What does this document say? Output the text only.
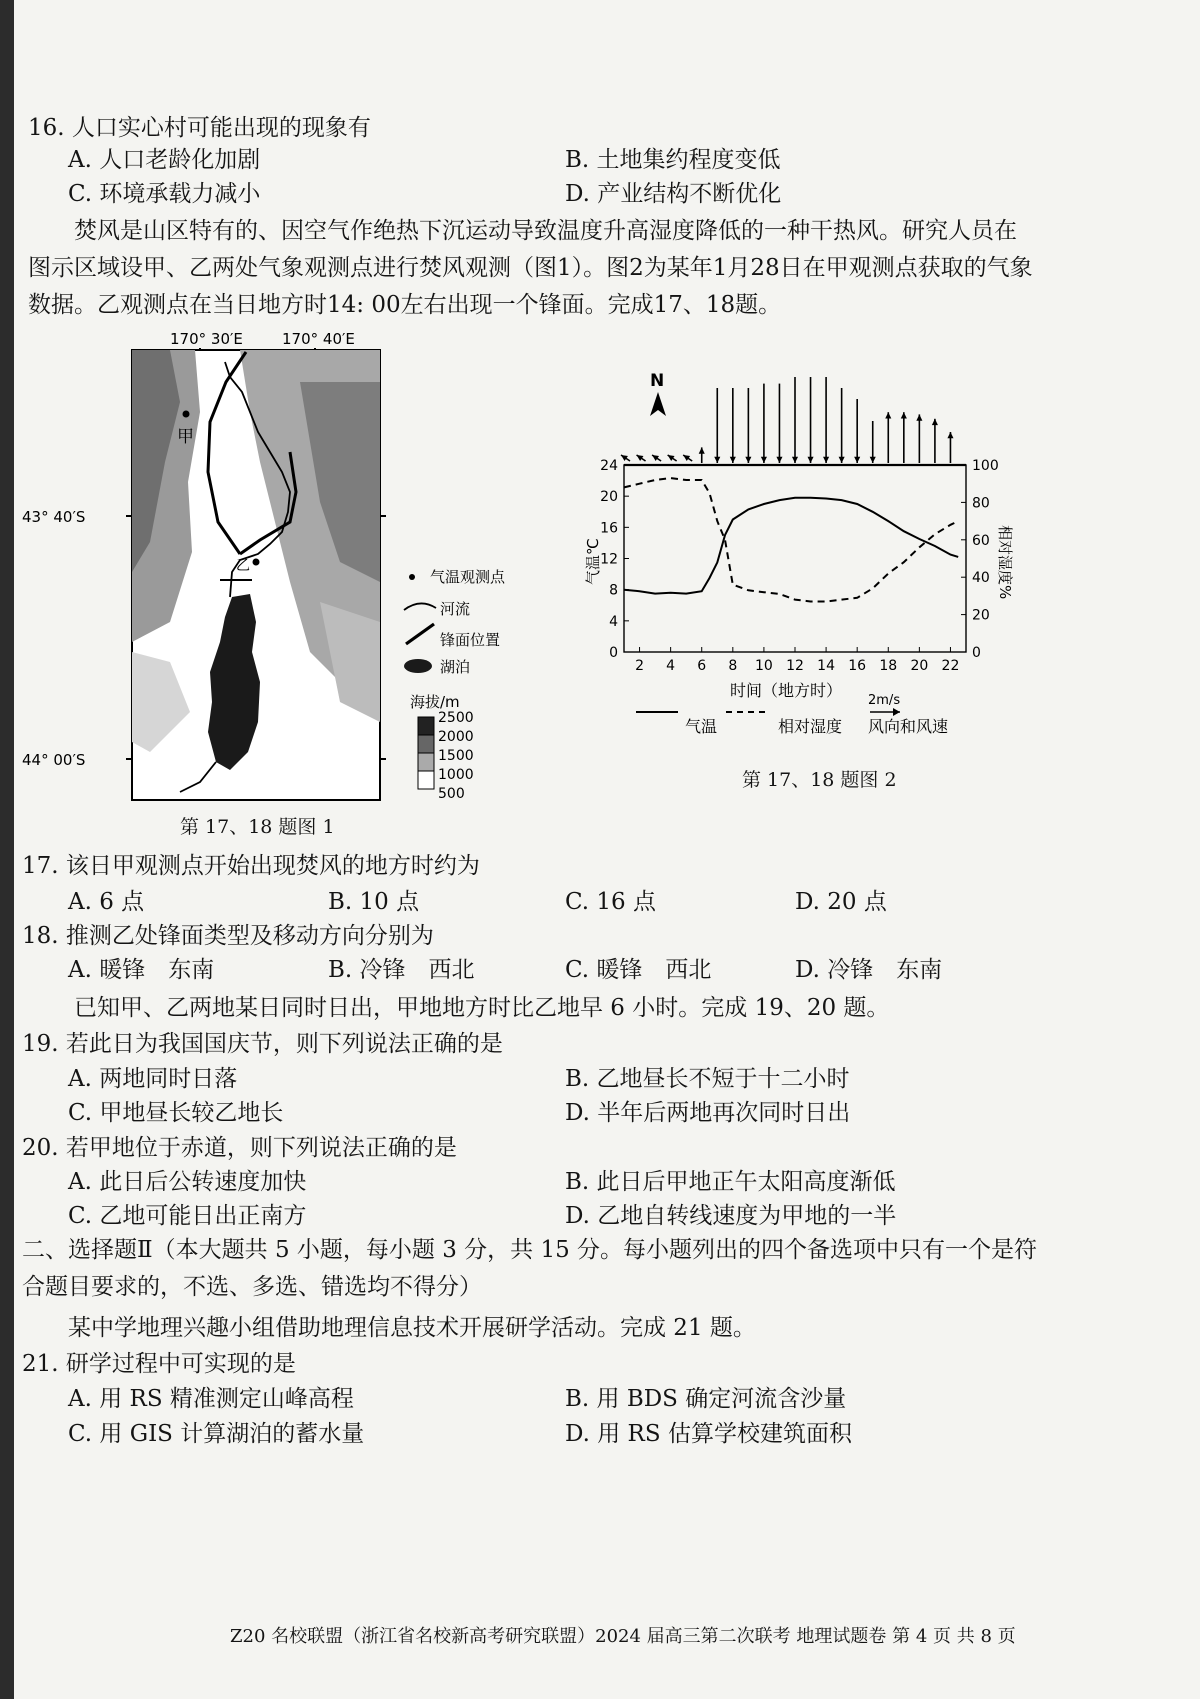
16. 人口实心村可能出现的现象有
A. 人口老龄化加剧	B. 土地集约程度变低
C. 环境承载力减小	D. 产业结构不断优化
焚风是山区特有的、因空气作绝热下沉运动导致温度升高湿度降低的一种干热风。研究人员在图示区域设甲、乙两处气象观测点进行焚风观测（图1）。图2为某年1月28日在甲观测点获取的气象数据。乙观测点在当日地方时14: 00左右出现一个锋面。完成17、18题。
170° 30′E	170° 40′E
甲
乙
43° 40′S
44° 00′S
气温观测点
河流
锋面位置
湖泊
海拔/m
2500
2000
1500
1000
500
第 17、18 题图 1
N
2 4 6 8 10 12 14 16 18 20 22
0
4
8
12
16
20
24
0
20
40
60
80
100
相对湿度%
气温℃
时间（地方时）
气温	相对湿度
2m/s
风向和风速
第 17、18 题图 2
17. 该日甲观测点开始出现焚风的地方时约为
A. 6 点	B. 10 点	C. 16 点	D. 20 点
18. 推测乙处锋面类型及移动方向分别为
A. 暖锋　东南	B. 冷锋　西北	C. 暖锋　西北	D. 冷锋　东南
已知甲、乙两地某日同时日出，甲地地方时比乙地早 6 小时。完成 19、20 题。
19. 若此日为我国国庆节，则下列说法正确的是
A. 两地同时日落	B. 乙地昼长不短于十二小时
C. 甲地昼长较乙地长	D. 半年后两地再次同时日出
20. 若甲地位于赤道，则下列说法正确的是
A. 此日后公转速度加快	B. 此日后甲地正午太阳高度渐低
C. 乙地可能日出正南方	D. 乙地自转线速度为甲地的一半
二、选择题Ⅱ（本大题共 5 小题，每小题 3 分，共 15 分。每小题列出的四个备选项中只有一个是符合题目要求的，不选、多选、错选均不得分）
某中学地理兴趣小组借助地理信息技术开展研学活动。完成 21 题。
21. 研学过程中可实现的是
A. 用 RS 精准测定山峰高程	B. 用 BDS 确定河流含沙量
C. 用 GIS 计算湖泊的蓄水量	D. 用 RS 估算学校建筑面积
Z20 名校联盟（浙江省名校新高考研究联盟）2024 届高三第二次联考 地理试题卷 第 4 页 共 8 页
